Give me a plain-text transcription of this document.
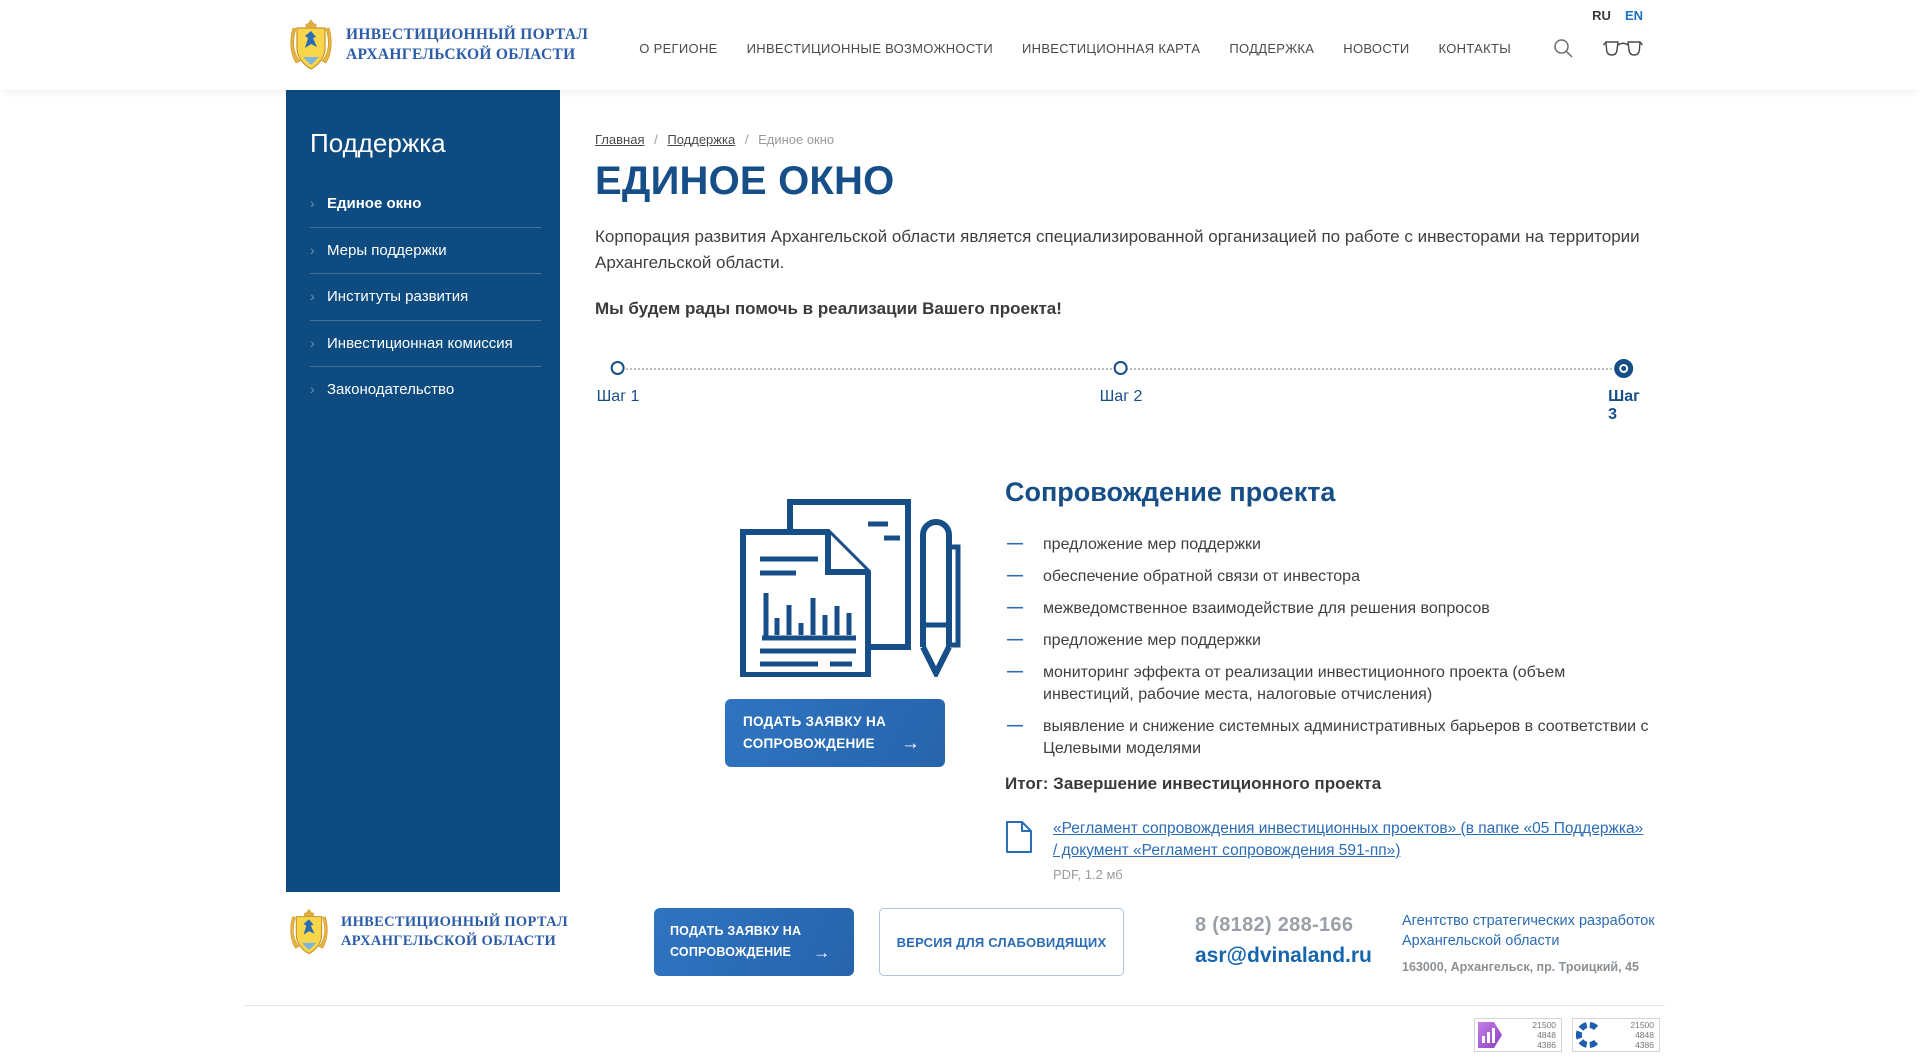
ИНВЕСТИЦИОННЫЙ ПОРТАЛ
АРХАНГЕЛЬСКОЙ ОБЛАСТИ	О РЕГИОНЕ ИНВЕСТИЦИОННЫЕ ВОЗМОЖНОСТИ ИНВЕСТИЦИОННАЯ КАРТА ПОДДЕРЖКА НОВОСТИ КОНТАКТЫ
RU EN
Поддержка
› Единое окно
› Меры поддержки
› Институты развития
› Инвестиционная комиссия
› Законодательство
Главная / Поддержка / Единое окно
ЕДИНОЕ ОКНО

Корпорация развития Архангельской области является специализированной организацией по работе с инвесторами на территории Архангельской области.

Мы будем рады помочь в реализации Вашего проекта!

Шаг 1	Шаг 2	Шаг 3
ПОДАТЬ ЗАЯВКУ НА
СОПРОВОЖДЕНИЕ →
Сопровождение проекта
— предложение мер поддержки
— обеспечение обратной связи от инвестора
— межведомственное взаимодействие для решения вопросов
— предложение мер поддержки
— мониторинг эффекта от реализации инвестиционного проекта (объем инвестиций, рабочие места, налоговые отчисления)
— выявление и снижение системных административных барьеров в соответствии с Целевыми моделями

Итог: Завершение инвестиционного проекта

«Регламент сопровождения инвестиционных проектов» (в папке «05 Поддержка» / документ «Регламент сопровождения 591-пп»)
PDF, 1.2 мб
ИНВЕСТИЦИОННЫЙ ПОРТАЛ
АРХАНГЕЛЬСКОЙ ОБЛАСТИ
ПОДАТЬ ЗАЯВКУ НА
СОПРОВОЖДЕНИЕ →
ВЕРСИЯ ДЛЯ СЛАБОВИДЯЩИХ
8 (8182) 288-166
asr@dvinaland.ru
Агентство стратегических разработок
Архангельской области
163000, Архангельск, пр. Троицкий, 45
21500
4848
4386
21500
4848
4386
